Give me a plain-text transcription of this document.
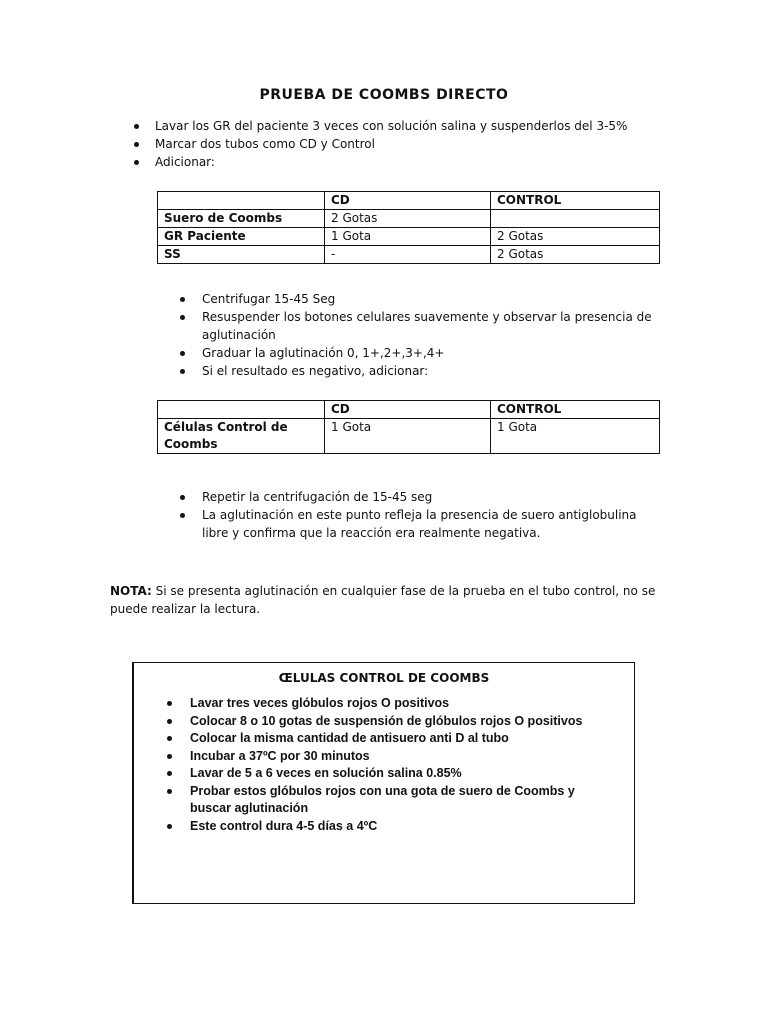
PRUEBA DE COOMBS DIRECTO
Lavar los GR del paciente 3 veces con solución salina y suspenderlos del 3-5%
Marcar dos tubos como CD y Control
Adicionar:
	CD	CONTROL
Suero de Coombs	2 Gotas	
GR Paciente	1 Gota	2 Gotas
SS	-	2 Gotas
Centrifugar 15-45 Seg
Resuspender los botones celulares suavemente y observar la presencia de aglutinación
Graduar la aglutinación 0, 1+,2+,3+,4+
Si el resultado es negativo, adicionar:
	CD	CONTROL
Células Control de Coombs	1 Gota	1 Gota
Repetir la centrifugación de 15-45 seg
La aglutinación en este punto refleja la presencia de suero antiglobulina libre y confirma que la reacción era realmente negativa.
NOTA: Si se presenta aglutinación en cualquier fase de la prueba en el tubo control, no se puede realizar la lectura.
ŒLULAS CONTROL DE COOMBS
Lavar tres veces glóbulos rojos O positivos
Colocar 8 o 10 gotas de suspensión de glóbulos rojos O positivos
Colocar la misma cantidad de antisuero anti D al tubo
Incubar a 37ºC por 30 minutos
Lavar de 5 a 6 veces en solución salina 0.85%
Probar estos glóbulos rojos con una gota de suero de Coombs y buscar aglutinación
Este control dura 4-5 días a 4ºC
